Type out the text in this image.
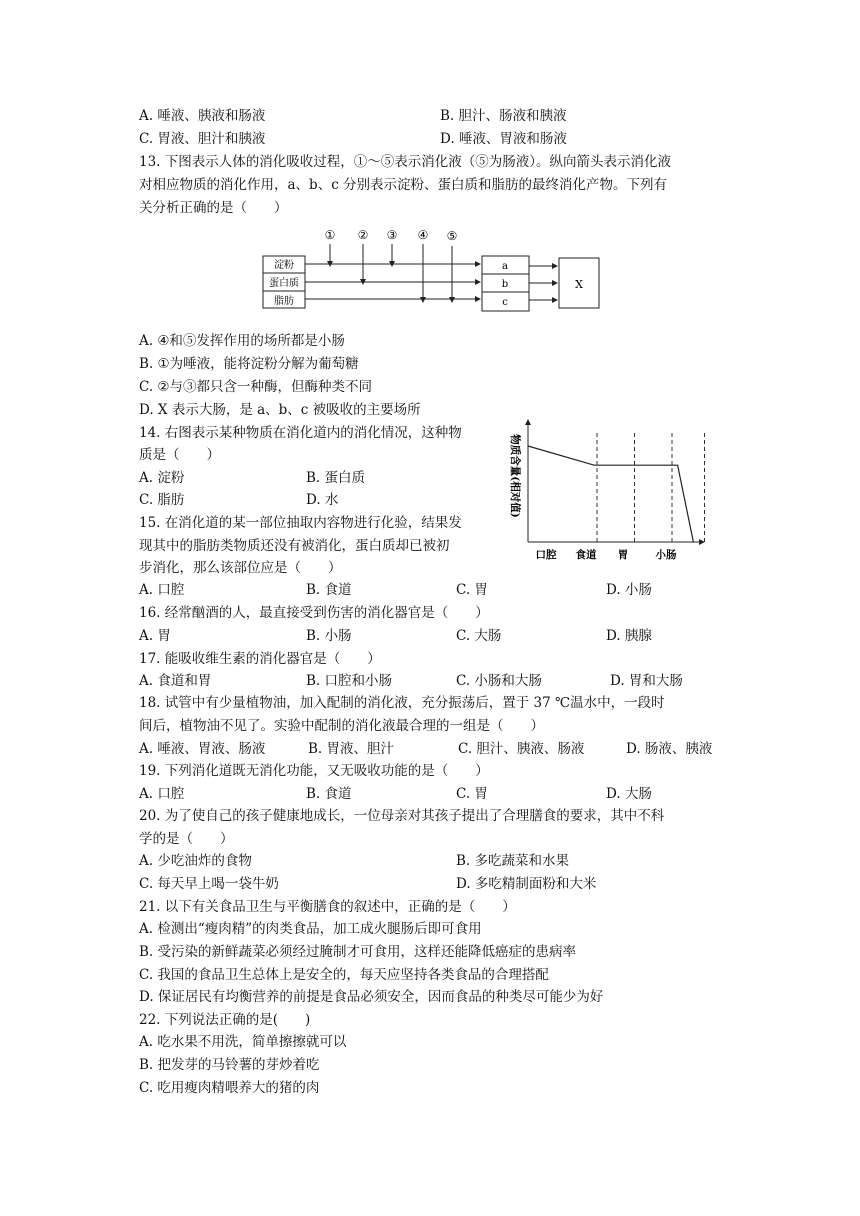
A. 唾液、胰液和肠液	B. 胆汁、肠液和胰液
C. 胃液、胆汁和胰液	D. 唾液、胃液和肠液
13. 下图表示人体的消化吸收过程，①～⑤表示消化液（⑤为肠液）。纵向箭头表示消化液
对相应物质的消化作用，a、b、c 分别表示淀粉、蛋白质和脂肪的最终消化产物。下列有
关分析正确的是（　　）
① ② ③ ④ ⑤
淀粉
蛋白质
脂肪
a
b
c
X
A. ④和⑤发挥作用的场所都是小肠
B. ①为唾液，能将淀粉分解为葡萄糖
C. ②与③都只含一种酶，但酶种类不同
D. X 表示大肠，是 a、b、c 被吸收的主要场所
14. 右图表示某种物质在消化道内的消化情况，这种物
质是（　　）
A. 淀粉	B. 蛋白质
C. 脂肪	D. 水	物质含量(相对值)
口腔 食道 胃	小肠
15. 在消化道的某一部位抽取内容物进行化验，结果发
现其中的脂肪类物质还没有被消化，蛋白质却已被初
步消化，那么该部位应是（　　）
A. 口腔	B. 食道	C. 胃	D. 小肠
16. 经常酗酒的人，最直接受到伤害的消化器官是（　　）
A. 胃	B. 小肠	C. 大肠	D. 胰腺
17. 能吸收维生素的消化器官是（　　）
A. 食道和胃	B. 口腔和小肠	C. 小肠和大肠	D. 胃和大肠
18. 试管中有少量植物油，加入配制的消化液，充分振荡后，置于 37 ℃温水中，一段时
间后，植物油不见了。实验中配制的消化液最合理的一组是（　　）
A. 唾液、胃液、肠液	B. 胃液、胆汁	C. 胆汁、胰液、肠液	D. 肠液、胰液
19. 下列消化道既无消化功能，又无吸收功能的是（　　）
A. 口腔	B. 食道	C. 胃	D. 大肠
20. 为了使自己的孩子健康地成长，一位母亲对其孩子提出了合理膳食的要求，其中不科
学的是（　　）
A. 少吃油炸的食物	B. 多吃蔬菜和水果
C. 每天早上喝一袋牛奶	D. 多吃精制面粉和大米
21. 以下有关食品卫生与平衡膳食的叙述中，正确的是（　　）
A. 检测出“瘦肉精”的肉类食品，加工成火腿肠后即可食用
B. 受污染的新鲜蔬菜必须经过腌制才可食用，这样还能降低癌症的患病率
C. 我国的食品卫生总体上是安全的，每天应坚持各类食品的合理搭配
D. 保证居民有均衡营养的前提是食品必须安全，因而食品的种类尽可能少为好
22. 下列说法正确的是(　　)
A. 吃水果不用洗，简单擦擦就可以
B. 把发芽的马铃薯的芽炒着吃
C. 吃用瘦肉精喂养大的猪的肉
